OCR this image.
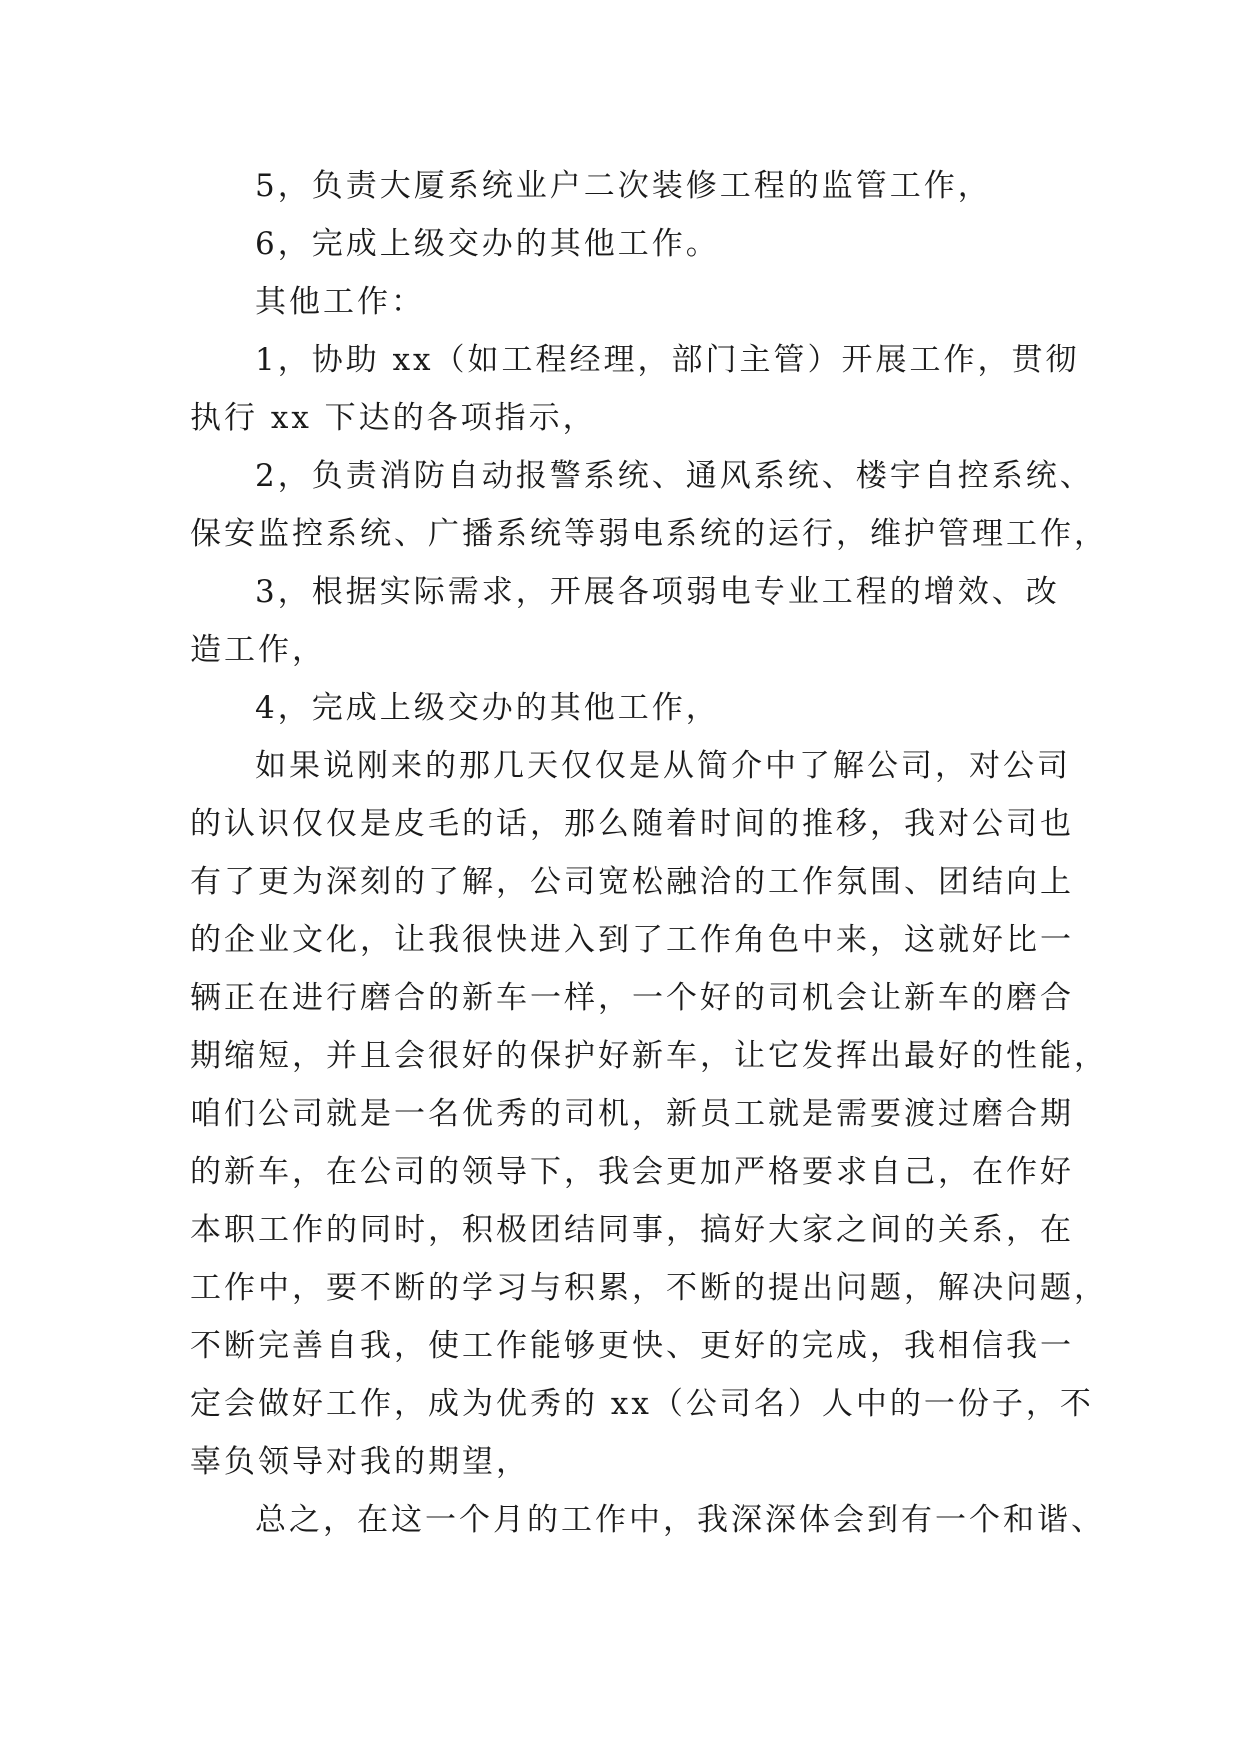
5，负责大厦系统业户二次装修工程的监管工作，
6，完成上级交办的其他工作。
其他工作：
1，协助 xx（如工程经理，部门主管）开展工作，贯彻
执行 xx 下达的各项指示，
2，负责消防自动报警系统、通风系统、楼宇自控系统、
保安监控系统、广播系统等弱电系统的运行，维护管理工作，
3，根据实际需求，开展各项弱电专业工程的增效、改
造工作，
4，完成上级交办的其他工作，
如果说刚来的那几天仅仅是从简介中了解公司，对公司
的认识仅仅是皮毛的话，那么随着时间的推移，我对公司也
有了更为深刻的了解，公司宽松融洽的工作氛围、团结向上
的企业文化，让我很快进入到了工作角色中来，这就好比一
辆正在进行磨合的新车一样，一个好的司机会让新车的磨合
期缩短，并且会很好的保护好新车，让它发挥出最好的性能，
咱们公司就是一名优秀的司机，新员工就是需要渡过磨合期
的新车，在公司的领导下，我会更加严格要求自己，在作好
本职工作的同时，积极团结同事，搞好大家之间的关系，在
工作中，要不断的学习与积累，不断的提出问题，解决问题，
不断完善自我，使工作能够更快、更好的完成，我相信我一
定会做好工作，成为优秀的 xx（公司名）人中的一份子，不
辜负领导对我的期望，
总之，在这一个月的工作中，我深深体会到有一个和谐、
